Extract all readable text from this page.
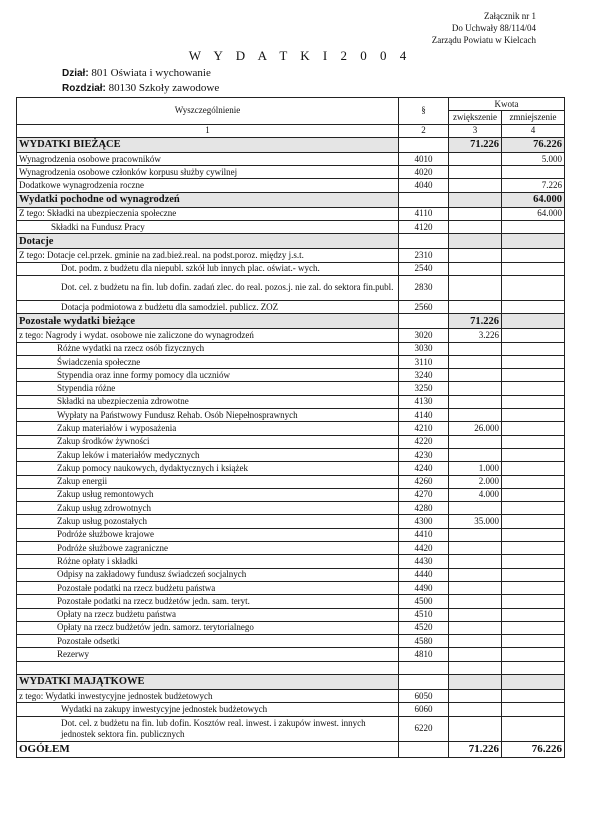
Załącznik nr 1
Do Uchwały 88/114/04
Zarządu Powiatu w Kielcach
W Y D A T K I 2 0 0 4
Dział: 801 Oświata i wychowanie
Rozdział: 80130 Szkoły zawodowe
Wyszczególnienie	§	Kwota	
		zwiększenie	zmniejszenie
1	2	3	4
WYDATKI BIEŻĄCE		71.226	76.226
Wynagrodzenia osobowe pracowników	4010		5.000
Wynagrodzenia osobowe członków korpusu służby cywilnej	4020		
Dodatkowe wynagrodzenia roczne	4040		7.226
Wydatki pochodne od wynagrodzeń			64.000
Z tego: Składki na ubezpieczenia społeczne	4110		64.000
Składki na Fundusz Pracy	4120		
Dotacje			
Z tego: Dotacje cel.przek. gminie na zad.bież.real. na podst.poroz. między j.s.t.	2310		
Dot. podm. z budżetu dla niepubl. szkół lub innych plac. oświat.- wych.	2540		
Dot. cel. z budżetu na fin. lub dofin. zadań zlec. do real. pozos.j. nie zal. do sektora fin.publ.	2830		
Dotacja podmiotowa z budżetu dla samodziel. publicz. ZOZ	2560		
Pozostałe wydatki bieżące		71.226	
z tego: Nagrody i wydat. osobowe nie zaliczone do wynagrodzeń	3020	3.226	
Różne wydatki na rzecz osób fizycznych	3030		
Świadczenia społeczne	3110		
Stypendia oraz inne formy pomocy dla uczniów	3240		
Stypendia różne	3250		
Składki na ubezpieczenia zdrowotne	4130		
Wypłaty na Państwowy Fundusz Rehab. Osób Niepełnosprawnych	4140		
Zakup materiałów i wyposażenia	4210	26.000	
Zakup środków żywności	4220		
Zakup leków i materiałów medycznych	4230		
Zakup pomocy naukowych, dydaktycznych i książek	4240	1.000	
Zakup energii	4260	2.000	
Zakup usług remontowych	4270	4.000	
Zakup usług zdrowotnych	4280		
Zakup usług pozostałych	4300	35.000	
Podróże służbowe krajowe	4410		
Podróże służbowe zagraniczne	4420		
Różne opłaty i składki	4430		
Odpisy na zakładowy fundusz świadczeń socjalnych	4440		
Pozostałe podatki na rzecz budżetu państwa	4490		
Pozostałe podatki na rzecz budżetów jedn. sam. teryt.	4500		
Opłaty na rzecz budżetu państwa	4510		
Opłaty na rzecz budżetów jedn. samorz. terytorialnego	4520		
Pozostałe odsetki	4580		
Rezerwy	4810		

WYDATKI MAJĄTKOWE			
z tego: Wydatki inwestycyjne jednostek budżetowych	6050		
Wydatki na zakupy inwestycyjne jednostek budżetowych	6060		
Dot. cel. z budżetu na fin. lub dofin. Kosztów real. inwest. i zakupów inwest. innych jednostek sektora fin. publicznych	6220		
OGÓŁEM		71.226	76.226
